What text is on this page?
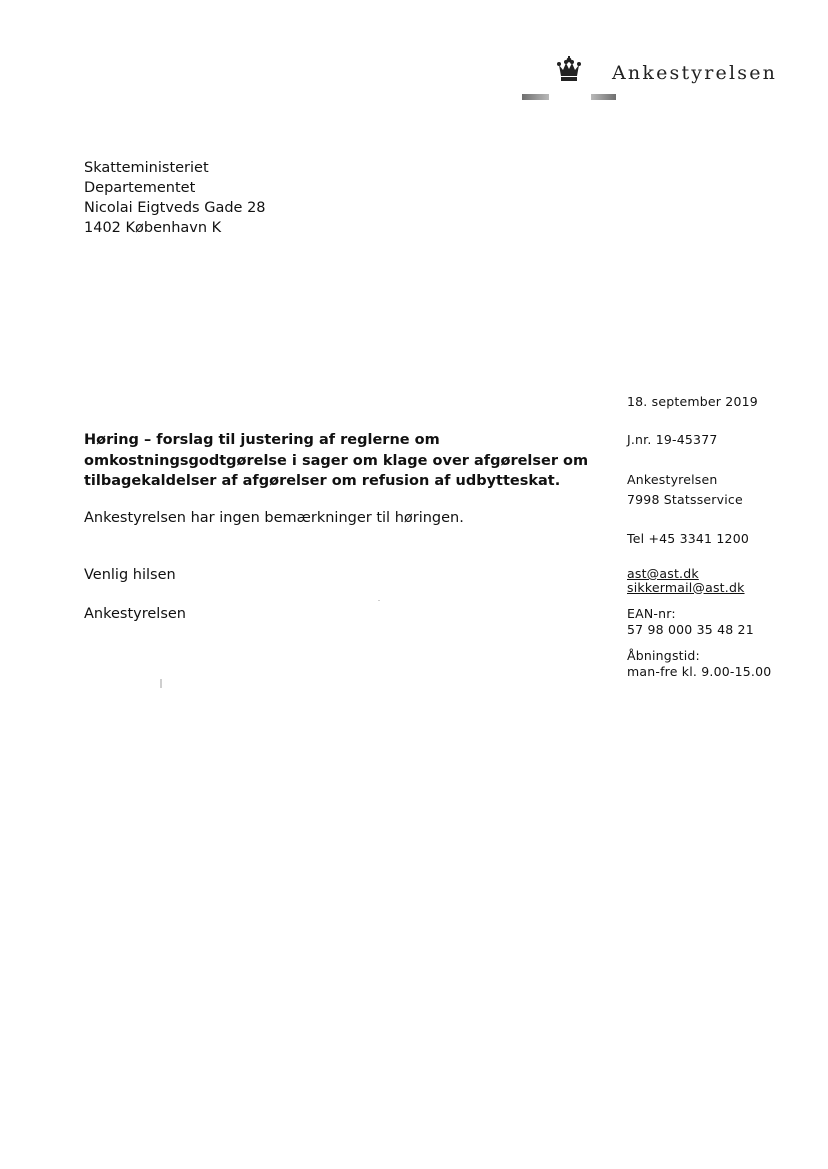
Ankestyrelsen
Skatteministeriet
Departementet
Nicolai Eigtveds Gade 28
1402 København K
18. september 2019
J.nr. 19-45377
Ankestyrelsen
7998 Statsservice
Tel +45 3341 1200
ast@ast.dk
sikkermail@ast.dk
EAN-nr:
57 98 000 35 48 21
Åbningstid:
man-fre kl. 9.00-15.00
Høring – forslag til justering af reglerne om
omkostningsgodtgørelse i sager om klage over afgørelser om
tilbagekaldelser af afgørelser om refusion af udbytteskat.
Ankestyrelsen har ingen bemærkninger til høringen.
Venlig hilsen
Ankestyrelsen
